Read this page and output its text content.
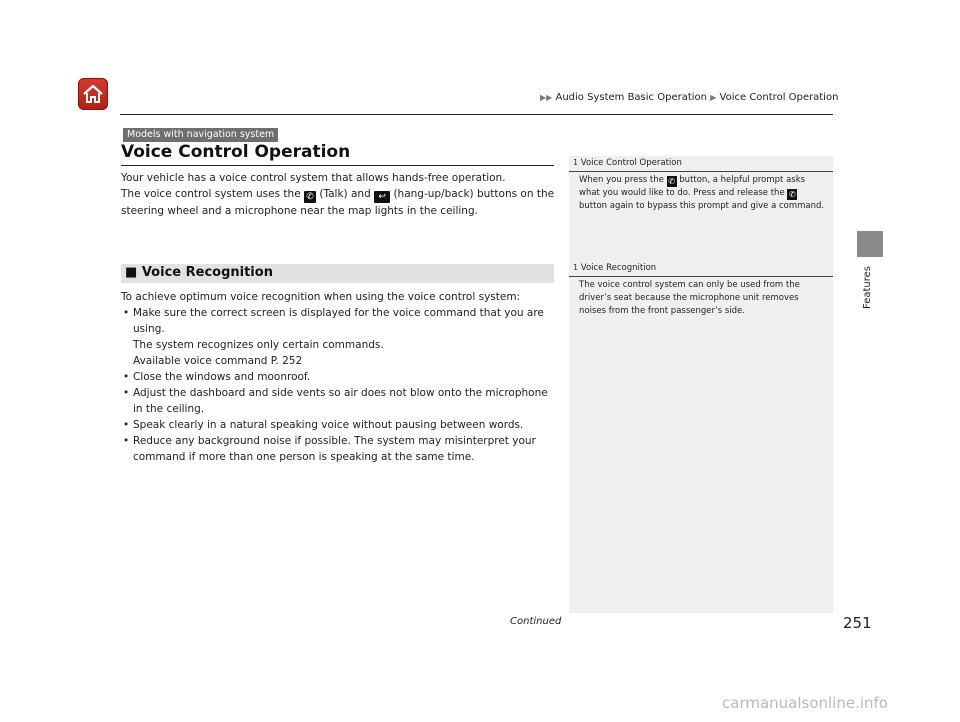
▶▶ Audio System Basic Operation ▶ Voice Control Operation
Features
Models with navigation system
Voice Control Operation
Your vehicle has a voice control system that allows hands-free operation.
The voice control system uses the ✆ (Talk) and ↩ (hang-up/back) buttons on the steering wheel and a microphone near the map lights in the ceiling.
■ Voice Recognition
To achieve optimum voice recognition when using the voice control system:
• Make sure the correct screen is displayed for the voice command that you are using.
The system recognizes only certain commands.
Available voice command P. 252
• Close the windows and moonroof.
• Adjust the dashboard and side vents so air does not blow onto the microphone in the ceiling.
• Speak clearly in a natural speaking voice without pausing between words.
• Reduce any background noise if possible. The system may misinterpret your command if more than one person is speaking at the same time.
1 Voice Control Operation
When you press the ✆ button, a helpful prompt asks what you would like to do. Press and release the ✆ button again to bypass this prompt and give a command.
1 Voice Recognition
The voice control system can only be used from the driver’s seat because the microphone unit removes noises from the front passenger’s side.
Continued	251
carmanualsonline.info
